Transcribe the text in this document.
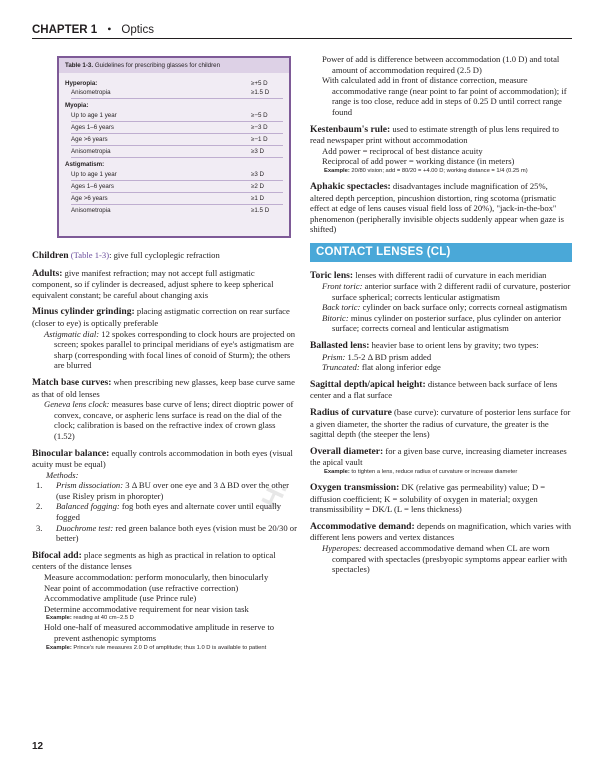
CHAPTER 1 • Optics
H.
Table 1-3. Guidelines for prescribing glasses for children
Hyperopia:	≥+5 D
Anisometropia	≥1.5 D
Myopia:
Up to age 1 year	≥−5 D
Ages 1–6 years	≥−3 D
Age >6 years	≥−1 D
Anisometropia	≥3 D
Astigmatism:
Up to age 1 year	≥3 D
Ages 1–6 years	≥2 D
Age >6 years	≥1 D
Anisometropia	≥1.5 D

Children (Table 1-3): give full cycloplegic refraction

Adults: give manifest refraction; may not accept full astigmatic component, so if cylinder is decreased, adjust sphere to keep spherical equivalent constant; be careful about changing axis

Minus cylinder grinding: placing astigmatic correction on rear surface (closer to eye) is optically preferable

Astigmatic dial: 12 spokes corresponding to clock hours are projected on screen; spokes parallel to principal meridians of eye's astigmatism are sharp (corresponding with focal lines of conoid of Sturm); the others are blurred

Match base curves: when prescribing new glasses, keep base curve same as that of old lenses

Geneva lens clock: measures base curve of lens; direct dioptric power of convex, concave, or aspheric lens surface is read on the dial of the clock; calibration is based on the refractive index of crown glass (1.52)

Binocular balance: equally controls accommodation in both eyes (visual acuity must be equal)

Methods:

1.	Prism dissociation: 3 Δ BU over one eye and 3 Δ BD over the other (use Risley prism in phoropter)
2.	Balanced fogging: fog both eyes and alternate cover until equally fogged
3.	Duochrome test: red green balance both eyes (vision must be 20/30 or better)

Bifocal add: place segments as high as practical in relation to optical centers of the distance lenses

Measure accommodation: perform monocularly, then binocularly

Near point of accommodation (use refractive correction)

Accommodative amplitude (use Prince rule)

Determine accommodative requirement for near vision task

Example: reading at 40 cm−2.5 D

Hold one-half of measured accommodative amplitude in reserve to prevent asthenopic symptoms

Example: Prince's rule measures 2.0 D of amplitude; thus 1.0 D is available to patient

Power of add is difference between accommodation (1.0 D) and total amount of accommodation required (2.5 D)

With calculated add in front of distance correction, measure accommodative range (near point to far point of accommodation); if range is too close, reduce add in steps of 0.25 D until correct range found

Kestenbaum's rule: used to estimate strength of plus lens required to read newspaper print without accommodation

Add power = reciprocal of best distance acuity

Reciprocal of add power = working distance (in meters)

Example: 20/80 vision; add = 80/20 = +4.00 D; working distance = 1/4 (0.25 m)

Aphakic spectacles: disadvantages include magnification of 25%, altered depth perception, pincushion distortion, ring scotoma (prismatic effect at edge of lens causes visual field loss of 20%), "jack-in-the-box" phenomenon (peripherally invisible objects suddenly appear when gaze is shifted)

CONTACT LENSES (CL)

Toric lens: lenses with different radii of curvature in each meridian

Front toric: anterior surface with 2 different radii of curvature, posterior surface spherical; corrects lenticular astigmatism

Back toric: cylinder on back surface only; corrects corneal astigmatism

Bitoric: minus cylinder on posterior surface, plus cylinder on anterior surface; corrects corneal and lenticular astigmatism

Ballasted lens: heavier base to orient lens by gravity; two types:

Prism: 1.5-2 Δ BD prism added

Truncated: flat along inferior edge

Sagittal depth/apical height: distance between back surface of lens center and a flat surface

Radius of curvature (base curve): curvature of posterior lens surface for a given diameter, the shorter the radius of curvature, the greater is the sagittal depth (the steeper the lens)

Overall diameter: for a given base curve, increasing diameter increases the apical vault

Example: to tighten a lens, reduce radius of curvature or increase diameter

Oxygen transmission: DK (relative gas permeability) value; D = diffusion coefficient; K = solubility of oxygen in material; oxygen transmissibility = DK/L (L = lens thickness)

Accommodative demand: depends on magnification, which varies with different lens powers and vertex distances

Hyperopes: decreased accommodative demand when CL are worn compared with spectacles (presbyopic symptoms appear earlier with spectacles)

12
